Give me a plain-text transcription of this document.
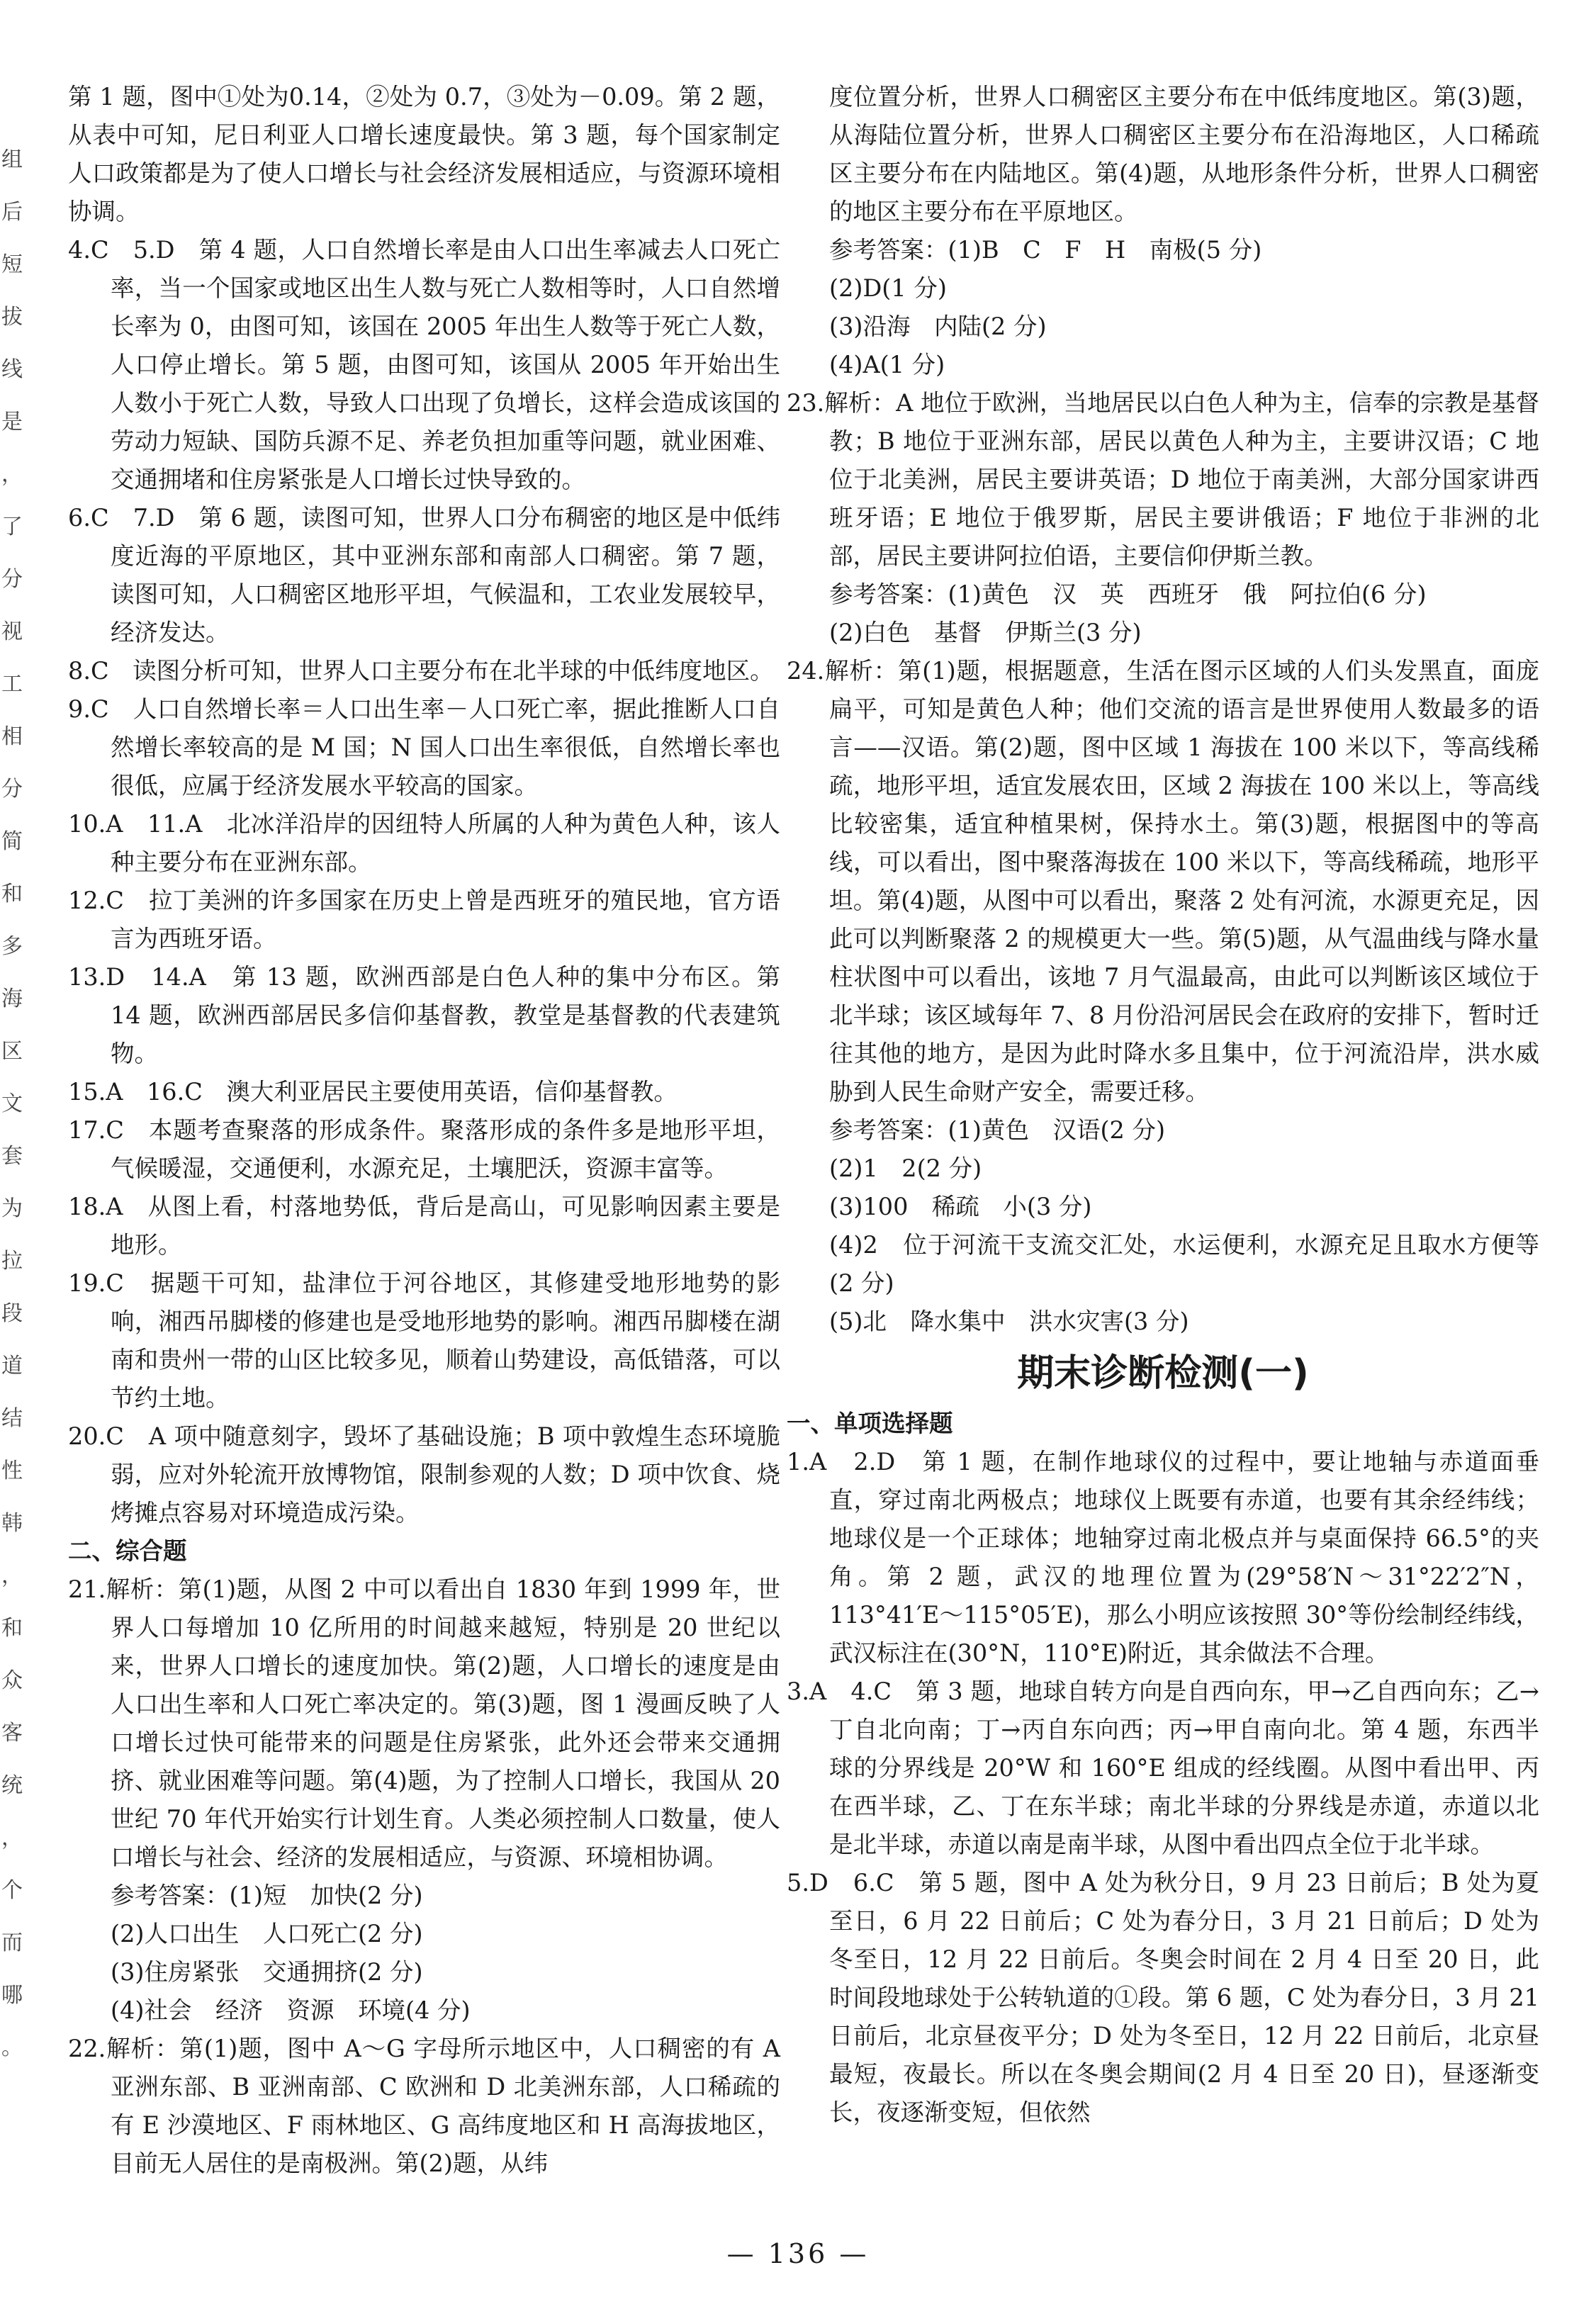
组
后
短
拔
线
是
，
了
分
视
工
相
分
简
和
多
海
区
文
套
为
拉
段
道
结
性
韩
，
和
众
客
统
，
个
而
哪
。

第 1 题，图中①处为0.14，②处为 0.7，③处为－0.09。第 2 题，从表中可知，尼日利亚人口增长速度最快。第 3 题，每个国家制定人口政策都是为了使人口增长与社会经济发展相适应，与资源环境相协调。

4.C　5.D　第 4 题，人口自然增长率是由人口出生率减去人口死亡率，当一个国家或地区出生人数与死亡人数相等时，人口自然增长率为 0，由图可知，该国在 2005 年出生人数等于死亡人数，人口停止增长。第 5 题，由图可知，该国从 2005 年开始出生人数小于死亡人数，导致人口出现了负增长，这样会造成该国的劳动力短缺、国防兵源不足、养老负担加重等问题，就业困难、交通拥堵和住房紧张是人口增长过快导致的。

6.C　7.D　第 6 题，读图可知，世界人口分布稠密的地区是中低纬度近海的平原地区，其中亚洲东部和南部人口稠密。第 7 题，读图可知，人口稠密区地形平坦，气候温和，工农业发展较早，经济发达。

8.C　读图分析可知，世界人口主要分布在北半球的中低纬度地区。

9.C　人口自然增长率＝人口出生率－人口死亡率，据此推断人口自然增长率较高的是 M 国；N 国人口出生率很低，自然增长率也很低，应属于经济发展水平较高的国家。

10.A　11.A　北冰洋沿岸的因纽特人所属的人种为黄色人种，该人种主要分布在亚洲东部。

12.C　拉丁美洲的许多国家在历史上曾是西班牙的殖民地，官方语言为西班牙语。

13.D　14.A　第 13 题，欧洲西部是白色人种的集中分布区。第 14 题，欧洲西部居民多信仰基督教，教堂是基督教的代表建筑物。

15.A　16.C　澳大利亚居民主要使用英语，信仰基督教。

17.C　本题考查聚落的形成条件。聚落形成的条件多是地形平坦，气候暖湿，交通便利，水源充足，土壤肥沃，资源丰富等。

18.A　从图上看，村落地势低，背后是高山，可见影响因素主要是地形。

19.C　据题干可知，盐津位于河谷地区，其修建受地形地势的影响，湘西吊脚楼的修建也是受地形地势的影响。湘西吊脚楼在湖南和贵州一带的山区比较多见，顺着山势建设，高低错落，可以节约土地。

20.C　A 项中随意刻字，毁坏了基础设施；B 项中敦煌生态环境脆弱，应对外轮流开放博物馆，限制参观的人数；D 项中饮食、烧烤摊点容易对环境造成污染。

二、综合题

21.解析：第(1)题，从图 2 中可以看出自 1830 年到 1999 年，世界人口每增加 10 亿所用的时间越来越短，特别是 20 世纪以来，世界人口增长的速度加快。第(2)题，人口增长的速度是由人口出生率和人口死亡率决定的。第(3)题，图 1 漫画反映了人口增长过快可能带来的问题是住房紧张，此外还会带来交通拥挤、就业困难等问题。第(4)题，为了控制人口增长，我国从 20 世纪 70 年代开始实行计划生育。人类必须控制人口数量，使人口增长与社会、经济的发展相适应，与资源、环境相协调。

参考答案：(1)短　加快(2 分)

(2)人口出生　人口死亡(2 分)

(3)住房紧张　交通拥挤(2 分)

(4)社会　经济　资源　环境(4 分)

22.解析：第(1)题，图中 A～G 字母所示地区中，人口稠密的有 A 亚洲东部、B 亚洲南部、C 欧洲和 D 北美洲东部，人口稀疏的有 E 沙漠地区、F 雨林地区、G 高纬度地区和 H 高海拔地区，目前无人居住的是南极洲。第(2)题，从纬

度位置分析，世界人口稠密区主要分布在中低纬度地区。第(3)题，从海陆位置分析，世界人口稠密区主要分布在沿海地区，人口稀疏区主要分布在内陆地区。第(4)题，从地形条件分析，世界人口稠密的地区主要分布在平原地区。

参考答案：(1)B　C　F　H　南极(5 分)

(2)D(1 分)

(3)沿海　内陆(2 分)

(4)A(1 分)

23.解析：A 地位于欧洲，当地居民以白色人种为主，信奉的宗教是基督教；B 地位于亚洲东部，居民以黄色人种为主，主要讲汉语；C 地位于北美洲，居民主要讲英语；D 地位于南美洲，大部分国家讲西班牙语；E 地位于俄罗斯，居民主要讲俄语；F 地位于非洲的北部，居民主要讲阿拉伯语，主要信仰伊斯兰教。

参考答案：(1)黄色　汉　英　西班牙　俄　阿拉伯(6 分)

(2)白色　基督　伊斯兰(3 分)

24.解析：第(1)题，根据题意，生活在图示区域的人们头发黑直，面庞扁平，可知是黄色人种；他们交流的语言是世界使用人数最多的语言——汉语。第(2)题，图中区域 1 海拔在 100 米以下，等高线稀疏，地形平坦，适宜发展农田，区域 2 海拔在 100 米以上，等高线比较密集，适宜种植果树，保持水土。第(3)题，根据图中的等高线，可以看出，图中聚落海拔在 100 米以下，等高线稀疏，地形平坦。第(4)题，从图中可以看出，聚落 2 处有河流，水源更充足，因此可以判断聚落 2 的规模更大一些。第(5)题，从气温曲线与降水量柱状图中可以看出，该地 7 月气温最高，由此可以判断该区域位于北半球；该区域每年 7、8 月份沿河居民会在政府的安排下，暂时迁往其他的地方，是因为此时降水多且集中，位于河流沿岸，洪水威胁到人民生命财产安全，需要迁移。

参考答案：(1)黄色　汉语(2 分)

(2)1　2(2 分)

(3)100　稀疏　小(3 分)

(4)2　位于河流干支流交汇处，水运便利，水源充足且取水方便等(2 分)

(5)北　降水集中　洪水灾害(3 分)

期末诊断检测(一)

一、单项选择题

1.A　2.D　第 1 题，在制作地球仪的过程中，要让地轴与赤道面垂直，穿过南北两极点；地球仪上既要有赤道，也要有其余经纬线；地球仪是一个正球体；地轴穿过南北极点并与桌面保持 66.5°的夹角。第 2 题，武汉的地理位置为(29°58′N～31°22′2″N，113°41′E～115°05′E)，那么小明应该按照 30°等份绘制经纬线，武汉标注在(30°N，110°E)附近，其余做法不合理。

3.A　4.C　第 3 题，地球自转方向是自西向东，甲→乙自西向东；乙→丁自北向南；丁→丙自东向西；丙→甲自南向北。第 4 题，东西半球的分界线是 20°W 和 160°E 组成的经线圈。从图中看出甲、丙在西半球，乙、丁在东半球；南北半球的分界线是赤道，赤道以北是北半球，赤道以南是南半球，从图中看出四点全位于北半球。

5.D　6.C　第 5 题，图中 A 处为秋分日，9 月 23 日前后；B 处为夏至日，6 月 22 日前后；C 处为春分日，3 月 21 日前后；D 处为冬至日，12 月 22 日前后。冬奥会时间在 2 月 4 日至 20 日，此时间段地球处于公转轨道的①段。第 6 题，C 处为春分日，3 月 21 日前后，北京昼夜平分；D 处为冬至日，12 月 22 日前后，北京昼最短，夜最长。所以在冬奥会期间(2 月 4 日至 20 日)，昼逐渐变长，夜逐渐变短，但依然

— 136 —
